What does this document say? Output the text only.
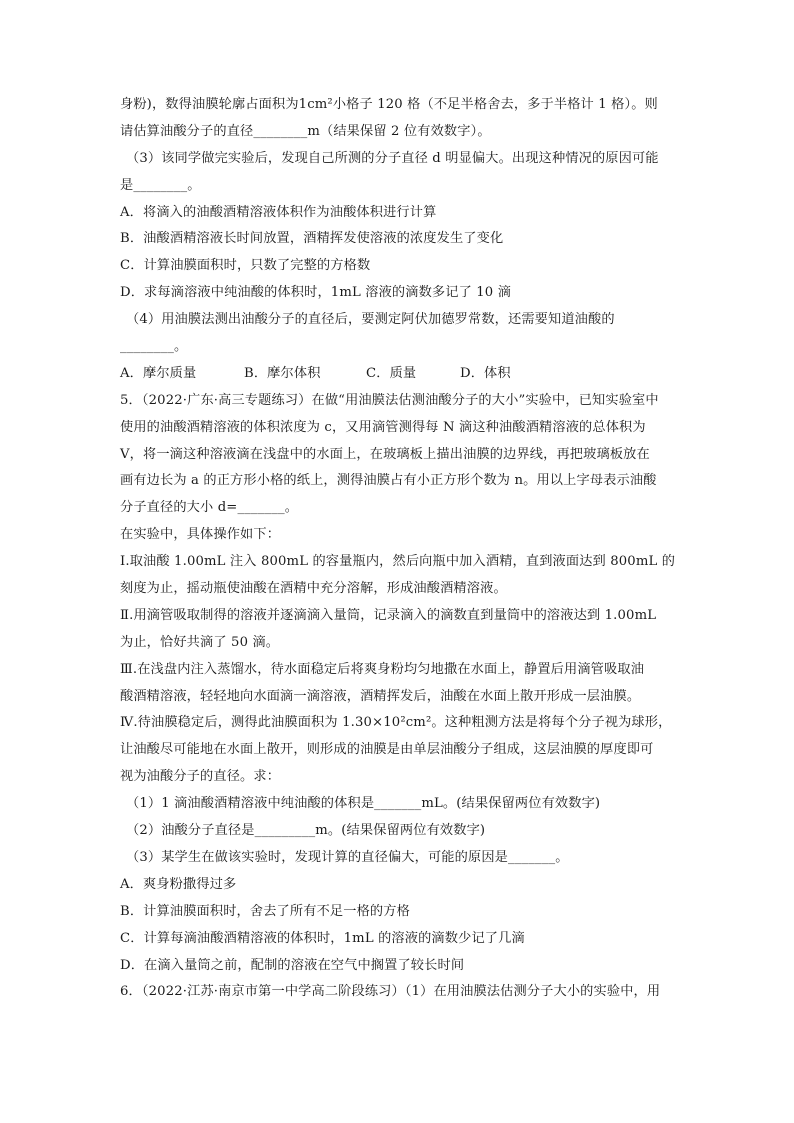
身粉)，数得油膜轮廓占面积为1cm²小格子 120 格（不足半格舍去，多于半格计 1 格）。则
请估算油酸分子的直径________m（结果保留 2 位有效数字）。
（3）该同学做完实验后，发现自己所测的分子直径 d 明显偏大。出现这种情况的原因可能
是________。
A．将滴入的油酸酒精溶液体积作为油酸体积进行计算
B．油酸酒精溶液长时间放置，酒精挥发使溶液的浓度发生了变化
C．计算油膜面积时，只数了完整的方格数
D．求每滴溶液中纯油酸的体积时，1mL 溶液的滴数多记了 10 滴
（4）用油膜法测出油酸分子的直径后，要测定阿伏加德罗常数，还需要知道油酸的
________。
A．摩尔质量	B．摩尔体积	C．质量	D．体积
5．（2022·广东·高三专题练习）在做“用油膜法估测油酸分子的大小”实验中，已知实验室中
使用的油酸酒精溶液的体积浓度为 c，又用滴管测得每 N 滴这种油酸酒精溶液的总体积为
V，将一滴这种溶液滴在浅盘中的水面上，在玻璃板上描出油膜的边界线，再把玻璃板放在
画有边长为 a 的正方形小格的纸上，测得油膜占有小正方形个数为 n。用以上字母表示油酸
分子直径的大小 d=_______。
在实验中，具体操作如下：
Ⅰ.取油酸 1.00mL 注入 800mL 的容量瓶内，然后向瓶中加入酒精，直到液面达到 800mL 的
刻度为止，摇动瓶使油酸在酒精中充分溶解，形成油酸酒精溶液。
Ⅱ.用滴管吸取制得的溶液并逐滴滴入量筒，记录滴入的滴数直到量筒中的溶液达到 1.00mL
为止，恰好共滴了 50 滴。
Ⅲ.在浅盘内注入蒸馏水，待水面稳定后将爽身粉均匀地撒在水面上，静置后用滴管吸取油
酸酒精溶液，轻轻地向水面滴一滴溶液，酒精挥发后，油酸在水面上散开形成一层油膜。
Ⅳ.待油膜稳定后，测得此油膜面积为 1.30×10²cm²。这种粗测方法是将每个分子视为球形，
让油酸尽可能地在水面上散开，则形成的油膜是由单层油酸分子组成，这层油膜的厚度即可
视为油酸分子的直径。求：
（1）1 滴油酸酒精溶液中纯油酸的体积是_______mL。(结果保留两位有效数字)
（2）油酸分子直径是_________m。(结果保留两位有效数字)
（3）某学生在做该实验时，发现计算的直径偏大，可能的原因是_______。
A．爽身粉撒得过多
B．计算油膜面积时，舍去了所有不足一格的方格
C．计算每滴油酸酒精溶液的体积时，1mL 的溶液的滴数少记了几滴
D．在滴入量筒之前，配制的溶液在空气中搁置了较长时间
6．（2022·江苏·南京市第一中学高二阶段练习）（1）在用油膜法估测分子大小的实验中，用
